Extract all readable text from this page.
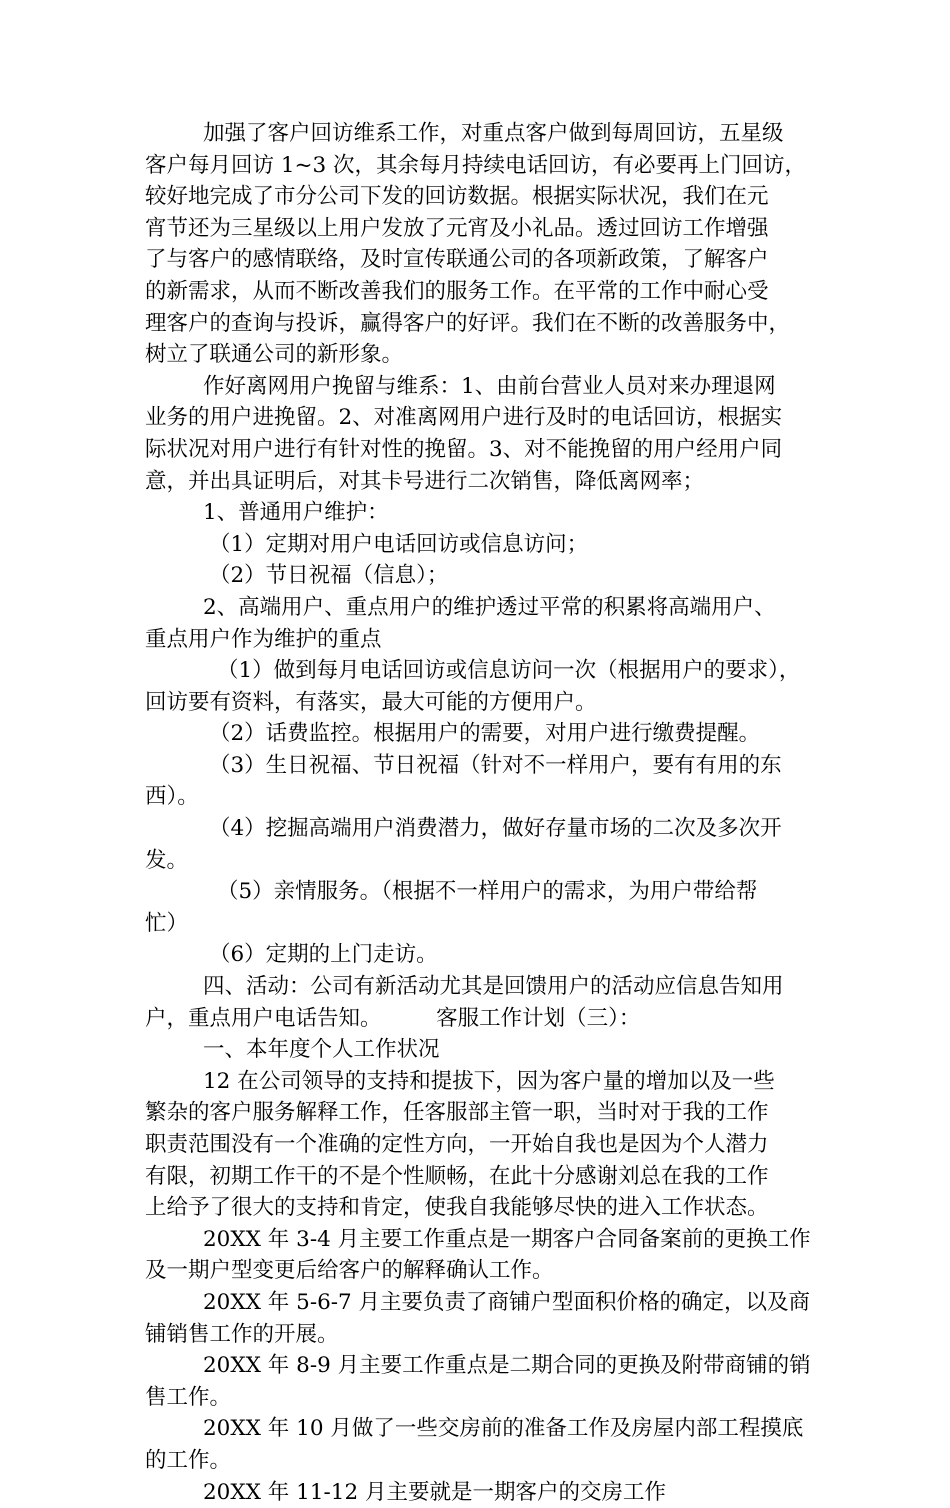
加强了客户回访维系工作，对重点客户做到每周回访，五星级
客户每月回访 1~3 次，其余每月持续电话回访，有必要再上门回访，
较好地完成了市分公司下发的回访数据。根据实际状况，我们在元
宵节还为三星级以上用户发放了元宵及小礼品。透过回访工作增强
了与客户的感情联络，及时宣传联通公司的各项新政策，了解客户
的新需求，从而不断改善我们的服务工作。在平常的工作中耐心受
理客户的查询与投诉，赢得客户的好评。我们在不断的改善服务中，
树立了联通公司的新形象。
作好离网用户挽留与维系：1、由前台营业人员对来办理退网
业务的用户进挽留。2、对准离网用户进行及时的电话回访，根据实
际状况对用户进行有针对性的挽留。3、对不能挽留的用户经用户同
意，并出具证明后，对其卡号进行二次销售，降低离网率；
1、普通用户维护：
（1）定期对用户电话回访或信息访问；
（2）节日祝福（信息）；
2、高端用户、重点用户的维护透过平常的积累将高端用户、
重点用户作为维护的重点
（1）做到每月电话回访或信息访问一次（根据用户的要求），
回访要有资料，有落实，最大可能的方便用户。
（2）话费监控。根据用户的需要，对用户进行缴费提醒。
（3）生日祝福、节日祝福（针对不一样用户，要有有用的东
西）。
（4）挖掘高端用户消费潜力，做好存量市场的二次及多次开
发。
（5）亲情服务。（根据不一样用户的需求，为用户带给帮
忙）
（6）定期的上门走访。
四、活动：公司有新活动尤其是回馈用户的活动应信息告知用
户，重点用户电话告知。        客服工作计划（三）：
一、本年度个人工作状况
12 在公司领导的支持和提拔下，因为客户量的增加以及一些
繁杂的客户服务解释工作，任客服部主管一职，当时对于我的工作
职责范围没有一个准确的定性方向，一开始自我也是因为个人潜力
有限，初期工作干的不是个性顺畅，在此十分感谢刘总在我的工作
上给予了很大的支持和肯定，使我自我能够尽快的进入工作状态。
20XX 年 3-4 月主要工作重点是一期客户合同备案前的更换工作
及一期户型变更后给客户的解释确认工作。
20XX 年 5-6-7 月主要负责了商铺户型面积价格的确定，以及商
铺销售工作的开展。
20XX 年 8-9 月主要工作重点是二期合同的更换及附带商铺的销
售工作。
20XX 年 10 月做了一些交房前的准备工作及房屋内部工程摸底
的工作。
20XX 年 11-12 月主要就是一期客户的交房工作
